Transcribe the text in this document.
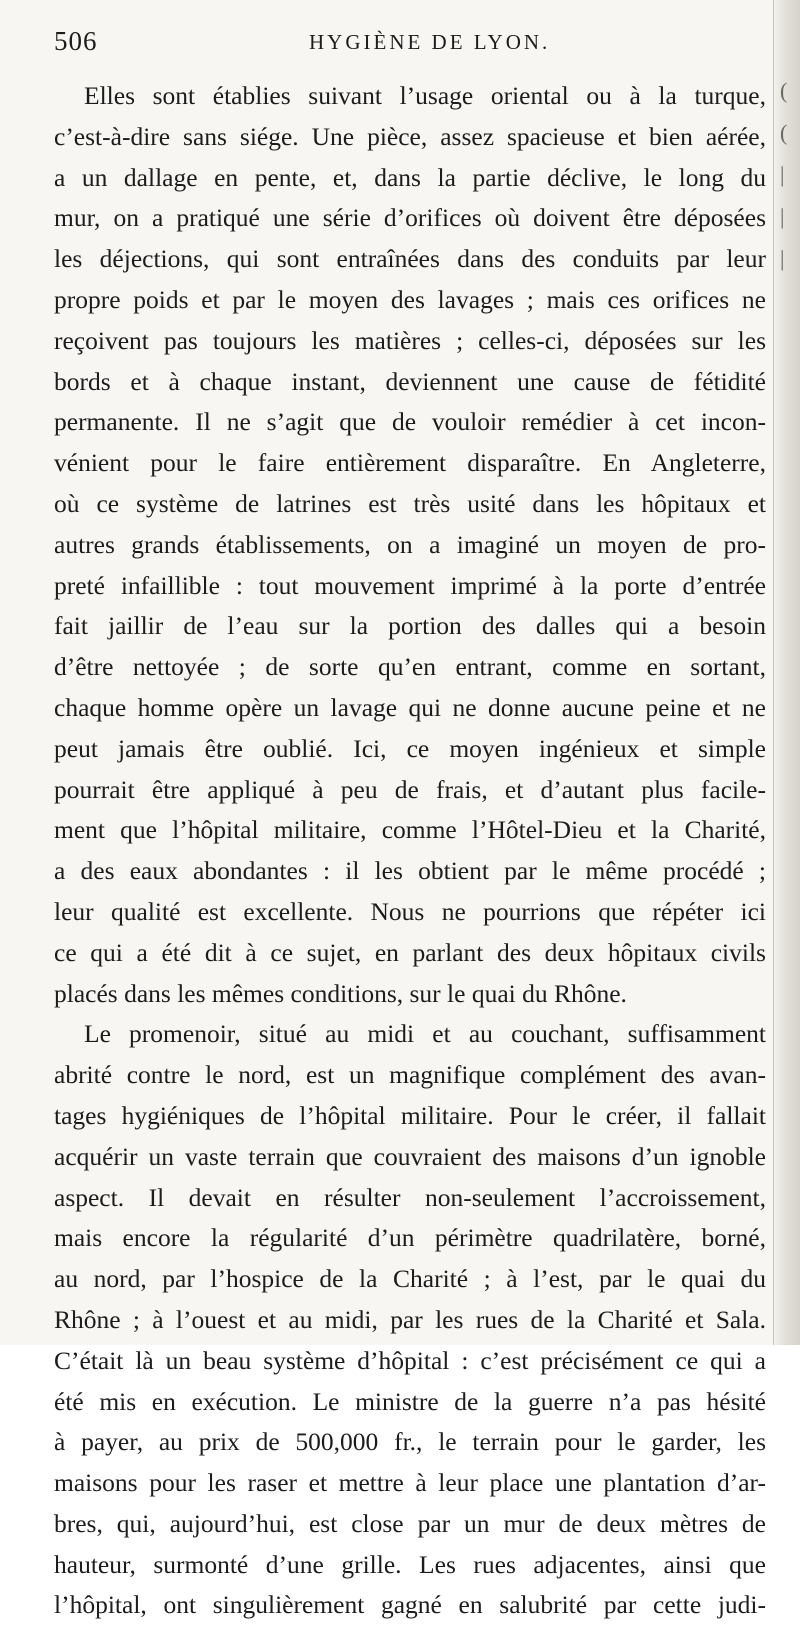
(
(
|
|
|
506	HYGIÈNE DE LYON.
Elles sont établies suivant l’usage oriental ou à la turque,
c’est-à-dire sans siége. Une pièce, assez spacieuse et bien aérée,
a un dallage en pente, et, dans la partie déclive, le long du
mur, on a pratiqué une série d’orifices où doivent être déposées
les déjections, qui sont entraînées dans des conduits par leur
propre poids et par le moyen des lavages ; mais ces orifices ne
reçoivent pas toujours les matières ; celles-ci, déposées sur les
bords et à chaque instant, deviennent une cause de fétidité
permanente. Il ne s’agit que de vouloir remédier à cet incon-
vénient pour le faire entièrement disparaître. En Angleterre,
où ce système de latrines est très usité dans les hôpitaux et
autres grands établissements, on a imaginé un moyen de pro-
preté infaillible : tout mouvement imprimé à la porte d’entrée
fait jaillir de l’eau sur la portion des dalles qui a besoin
d’être nettoyée ; de sorte qu’en entrant, comme en sortant,
chaque homme opère un lavage qui ne donne aucune peine et ne
peut jamais être oublié. Ici, ce moyen ingénieux et simple
pourrait être appliqué à peu de frais, et d’autant plus facile-
ment que l’hôpital militaire, comme l’Hôtel-Dieu et la Charité,
a des eaux abondantes : il les obtient par le même procédé ;
leur qualité est excellente. Nous ne pourrions que répéter ici
ce qui a été dit à ce sujet, en parlant des deux hôpitaux civils
placés dans les mêmes conditions, sur le quai du Rhône.
Le promenoir, situé au midi et au couchant, suffisamment
abrité contre le nord, est un magnifique complément des avan-
tages hygiéniques de l’hôpital militaire. Pour le créer, il fallait
acquérir un vaste terrain que couvraient des maisons d’un ignoble
aspect. Il devait en résulter non-seulement l’accroissement,
mais encore la régularité d’un périmètre quadrilatère, borné,
au nord, par l’hospice de la Charité ; à l’est, par le quai du
Rhône ; à l’ouest et au midi, par les rues de la Charité et Sala.
C’était là un beau système d’hôpital : c’est précisément ce qui a
été mis en exécution. Le ministre de la guerre n’a pas hésité
à payer, au prix de 500,000 fr., le terrain pour le garder, les
maisons pour les raser et mettre à leur place une plantation d’ar-
bres, qui, aujourd’hui, est close par un mur de deux mètres de
hauteur, surmonté d’une grille. Les rues adjacentes, ainsi que
l’hôpital, ont singulièrement gagné en salubrité par cette judi-
